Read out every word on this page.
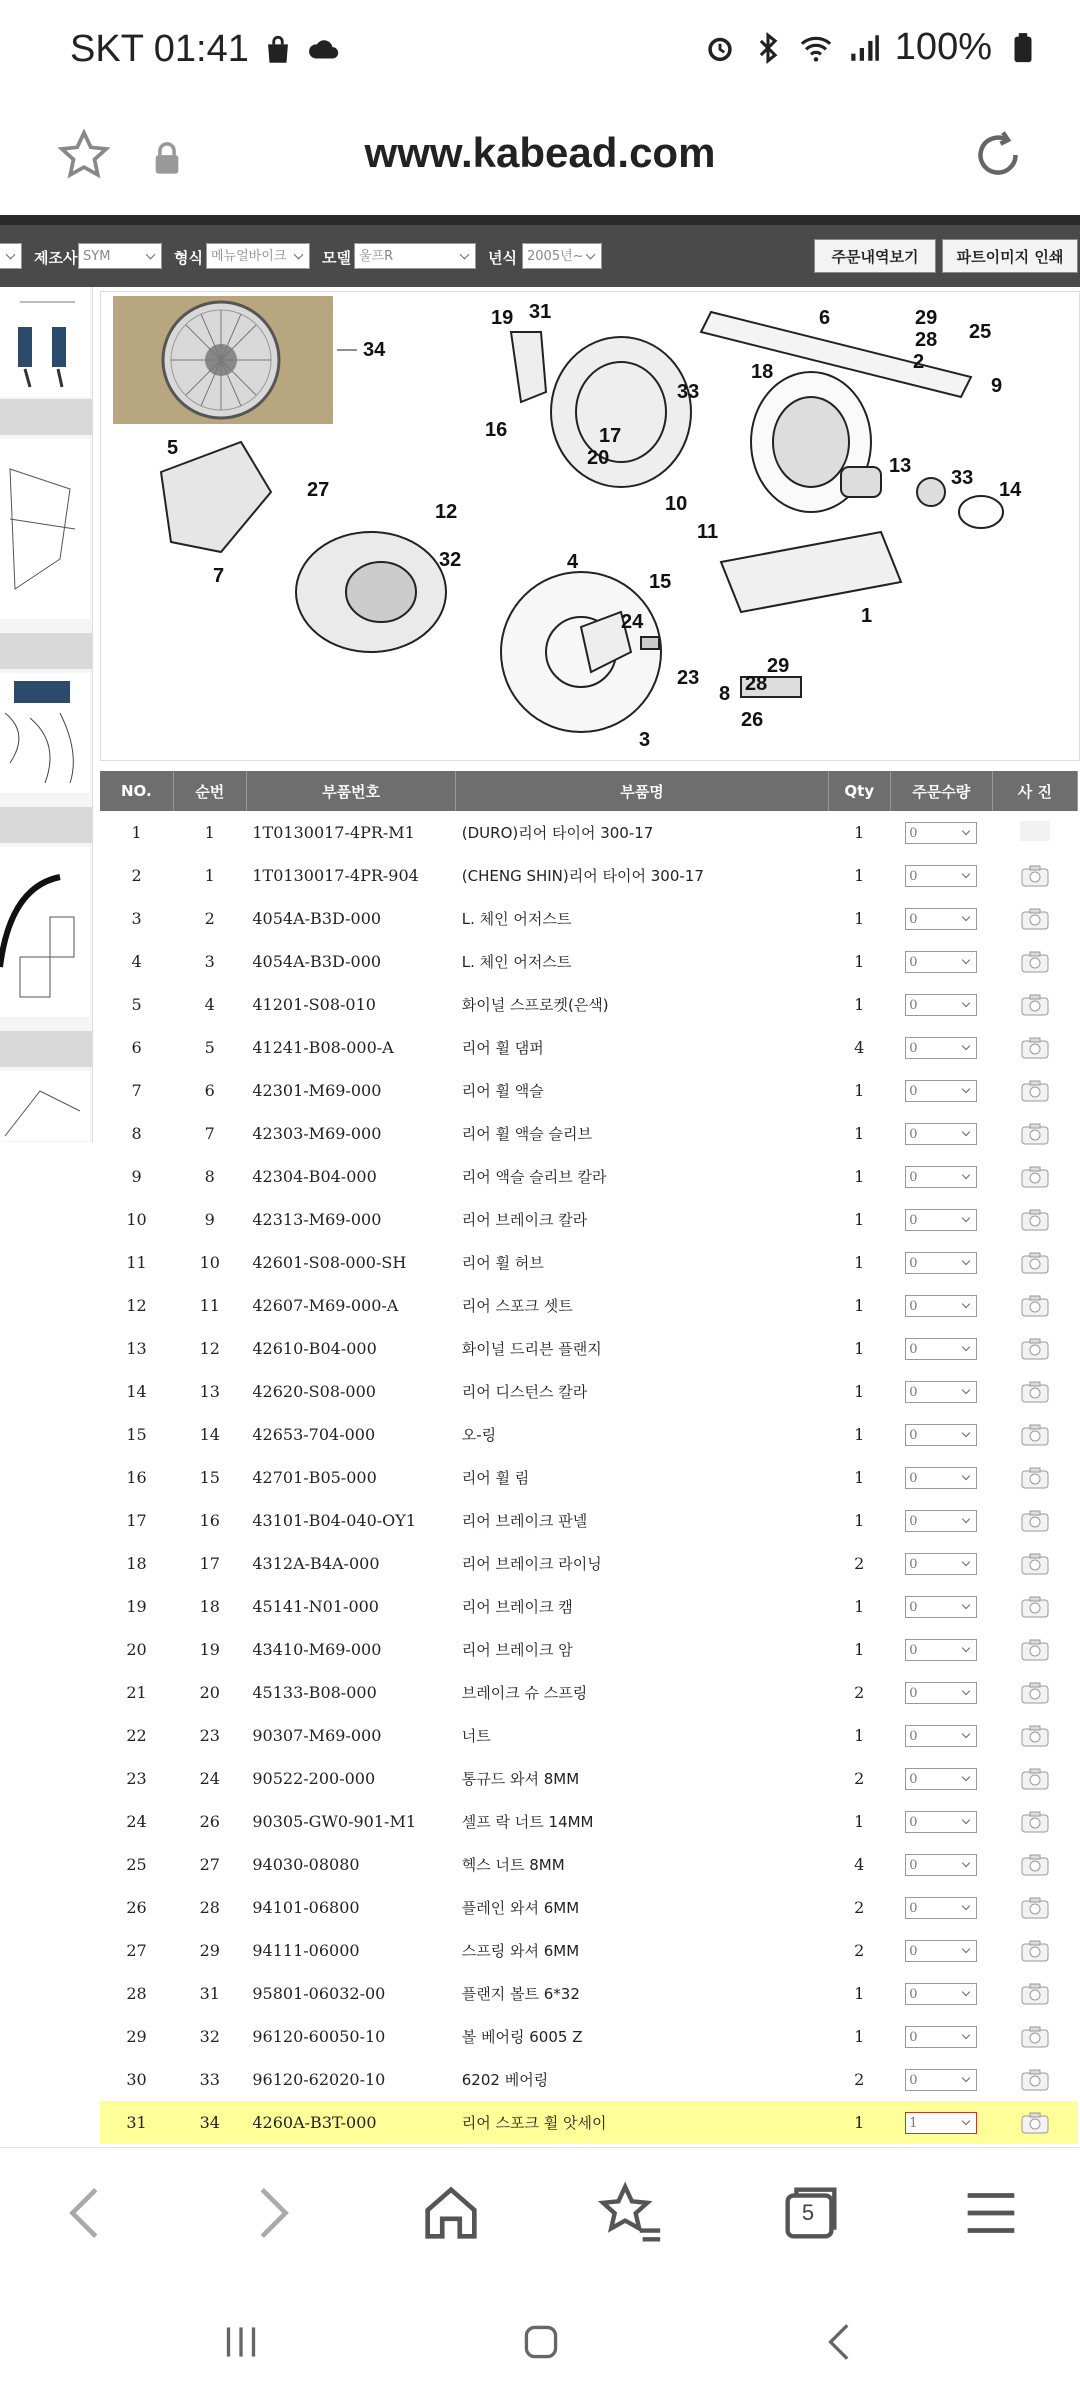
SKT 01:41	100%
www.kabead.com
제조사 SYM	형식 메뉴얼바이크	모델 울프R	년식 2005년~	주문내역보기	파트이미지 인쇄
34
19 31	6	29
25
28
2
9
18
33
16	17
20
5
27
12
7
32	4
13
33
14
10
11
15
1
24
23
8 28
29
26
3
NO.	순번	부품번호	부품명	Qty	주문수량	사 진
1	1	1T0130017-4PR-M1	(DURO)리어 타이어 300-17	1	0	
2	1	1T0130017-4PR-904	(CHENG SHIN)리어 타이어 300-17	1	0	
3	2	4054A-B3D-000	L. 체인 어저스트	1	0	
4	3	4054A-B3D-000	L. 체인 어저스트	1	0	
5	4	41201-S08-010	화이널 스프로켓(은색)	1	0	
6	5	41241-B08-000-A	리어 휠 댐퍼	4	0	
7	6	42301-M69-000	리어 휠 액슬	1	0	
8	7	42303-M69-000	리어 휠 액슬 슬리브	1	0	
9	8	42304-B04-000	리어 액슬 슬리브 칼라	1	0	
10	9	42313-M69-000	리어 브레이크 칼라	1	0	
11	10	42601-S08-000-SH	리어 휠 허브	1	0	
12	11	42607-M69-000-A	리어 스포크 셋트	1	0	
13	12	42610-B04-000	화이널 드리븐 플랜지	1	0	
14	13	42620-S08-000	리어 디스턴스 칼라	1	0	
15	14	42653-704-000	오-링	1	0	
16	15	42701-B05-000	리어 휠 림	1	0	
17	16	43101-B04-040-OY1	리어 브레이크 판넬	1	0	
18	17	4312A-B4A-000	리어 브레이크 라이닝	2	0	
19	18	45141-N01-000	리어 브레이크 캠	1	0	
20	19	43410-M69-000	리어 브레이크 암	1	0	
21	20	45133-B08-000	브레이크 슈 스프링	2	0	
22	23	90307-M69-000	너트	1	0	
23	24	90522-200-000	통규드 와셔 8MM	2	0	
24	26	90305-GW0-901-M1	셀프 락 너트 14MM	1	0	
25	27	94030-08080	헥스 너트 8MM	4	0	
26	28	94101-06800	플레인 와셔 6MM	2	0	
27	29	94111-06000	스프링 와셔 6MM	2	0	
28	31	95801-06032-00	플랜지 볼트 6*32	1	0	
29	32	96120-60050-10	볼 베어링 6005 Z	1	0	
30	33	96120-62020-10	6202 베어링	2	0	
31	34	4260A-B3T-000	리어 스포크 휠 앗세이	1	1	

5
